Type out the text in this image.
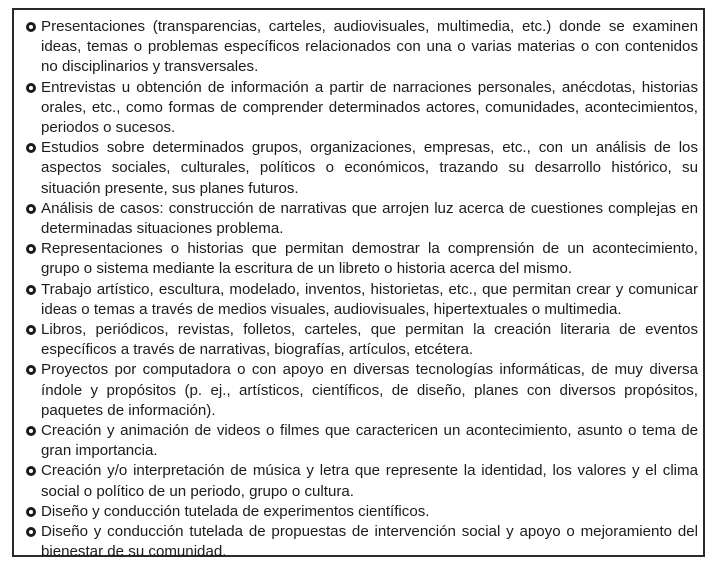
Presentaciones (transparencias, carteles, audiovisuales, multimedia, etc.) donde se examinen ideas, temas o problemas específicos relacionados con una o varias materias o con contenidos no disciplinarios y transversales.
Entrevistas u obtención de información a partir de narraciones personales, anécdotas, historias orales, etc., como formas de comprender determinados actores, comunidades, acontecimientos, periodos o sucesos.
Estudios sobre determinados grupos, organizaciones, empresas, etc., con un análisis de los aspectos sociales, culturales, políticos o económicos, trazando su desarrollo histórico, su situación presente, sus planes futuros.
Análisis de casos: construcción de narrativas que arrojen luz acerca de cuestiones complejas en determinadas situaciones problema.
Representaciones o historias que permitan demostrar la comprensión de un acontecimiento, grupo o sistema mediante la escritura de un libreto o historia acerca del mismo.
Trabajo artístico, escultura, modelado, inventos, historietas, etc., que permitan crear y comunicar ideas o temas a través de medios visuales, audiovisuales, hipertextuales o multimedia.
Libros, periódicos, revistas, folletos, carteles, que permitan la creación literaria de eventos específicos a través de narrativas, biografías, artículos, etcétera.
Proyectos por computadora o con apoyo en diversas tecnologías informáticas, de muy diversa índole y propósitos (p. ej., artísticos, científicos, de diseño, planes con diversos propósitos, paquetes de información).
Creación y animación de videos o filmes que caractericen un acontecimiento, asunto o tema de gran importancia.
Creación y/o interpretación de música y letra que represente la identidad, los valores y el clima social o político de un periodo, grupo o cultura.
Diseño y conducción tutelada de experimentos científicos.
Diseño y conducción tutelada de propuestas de intervención social y apoyo o mejoramiento del bienestar de su comunidad.
